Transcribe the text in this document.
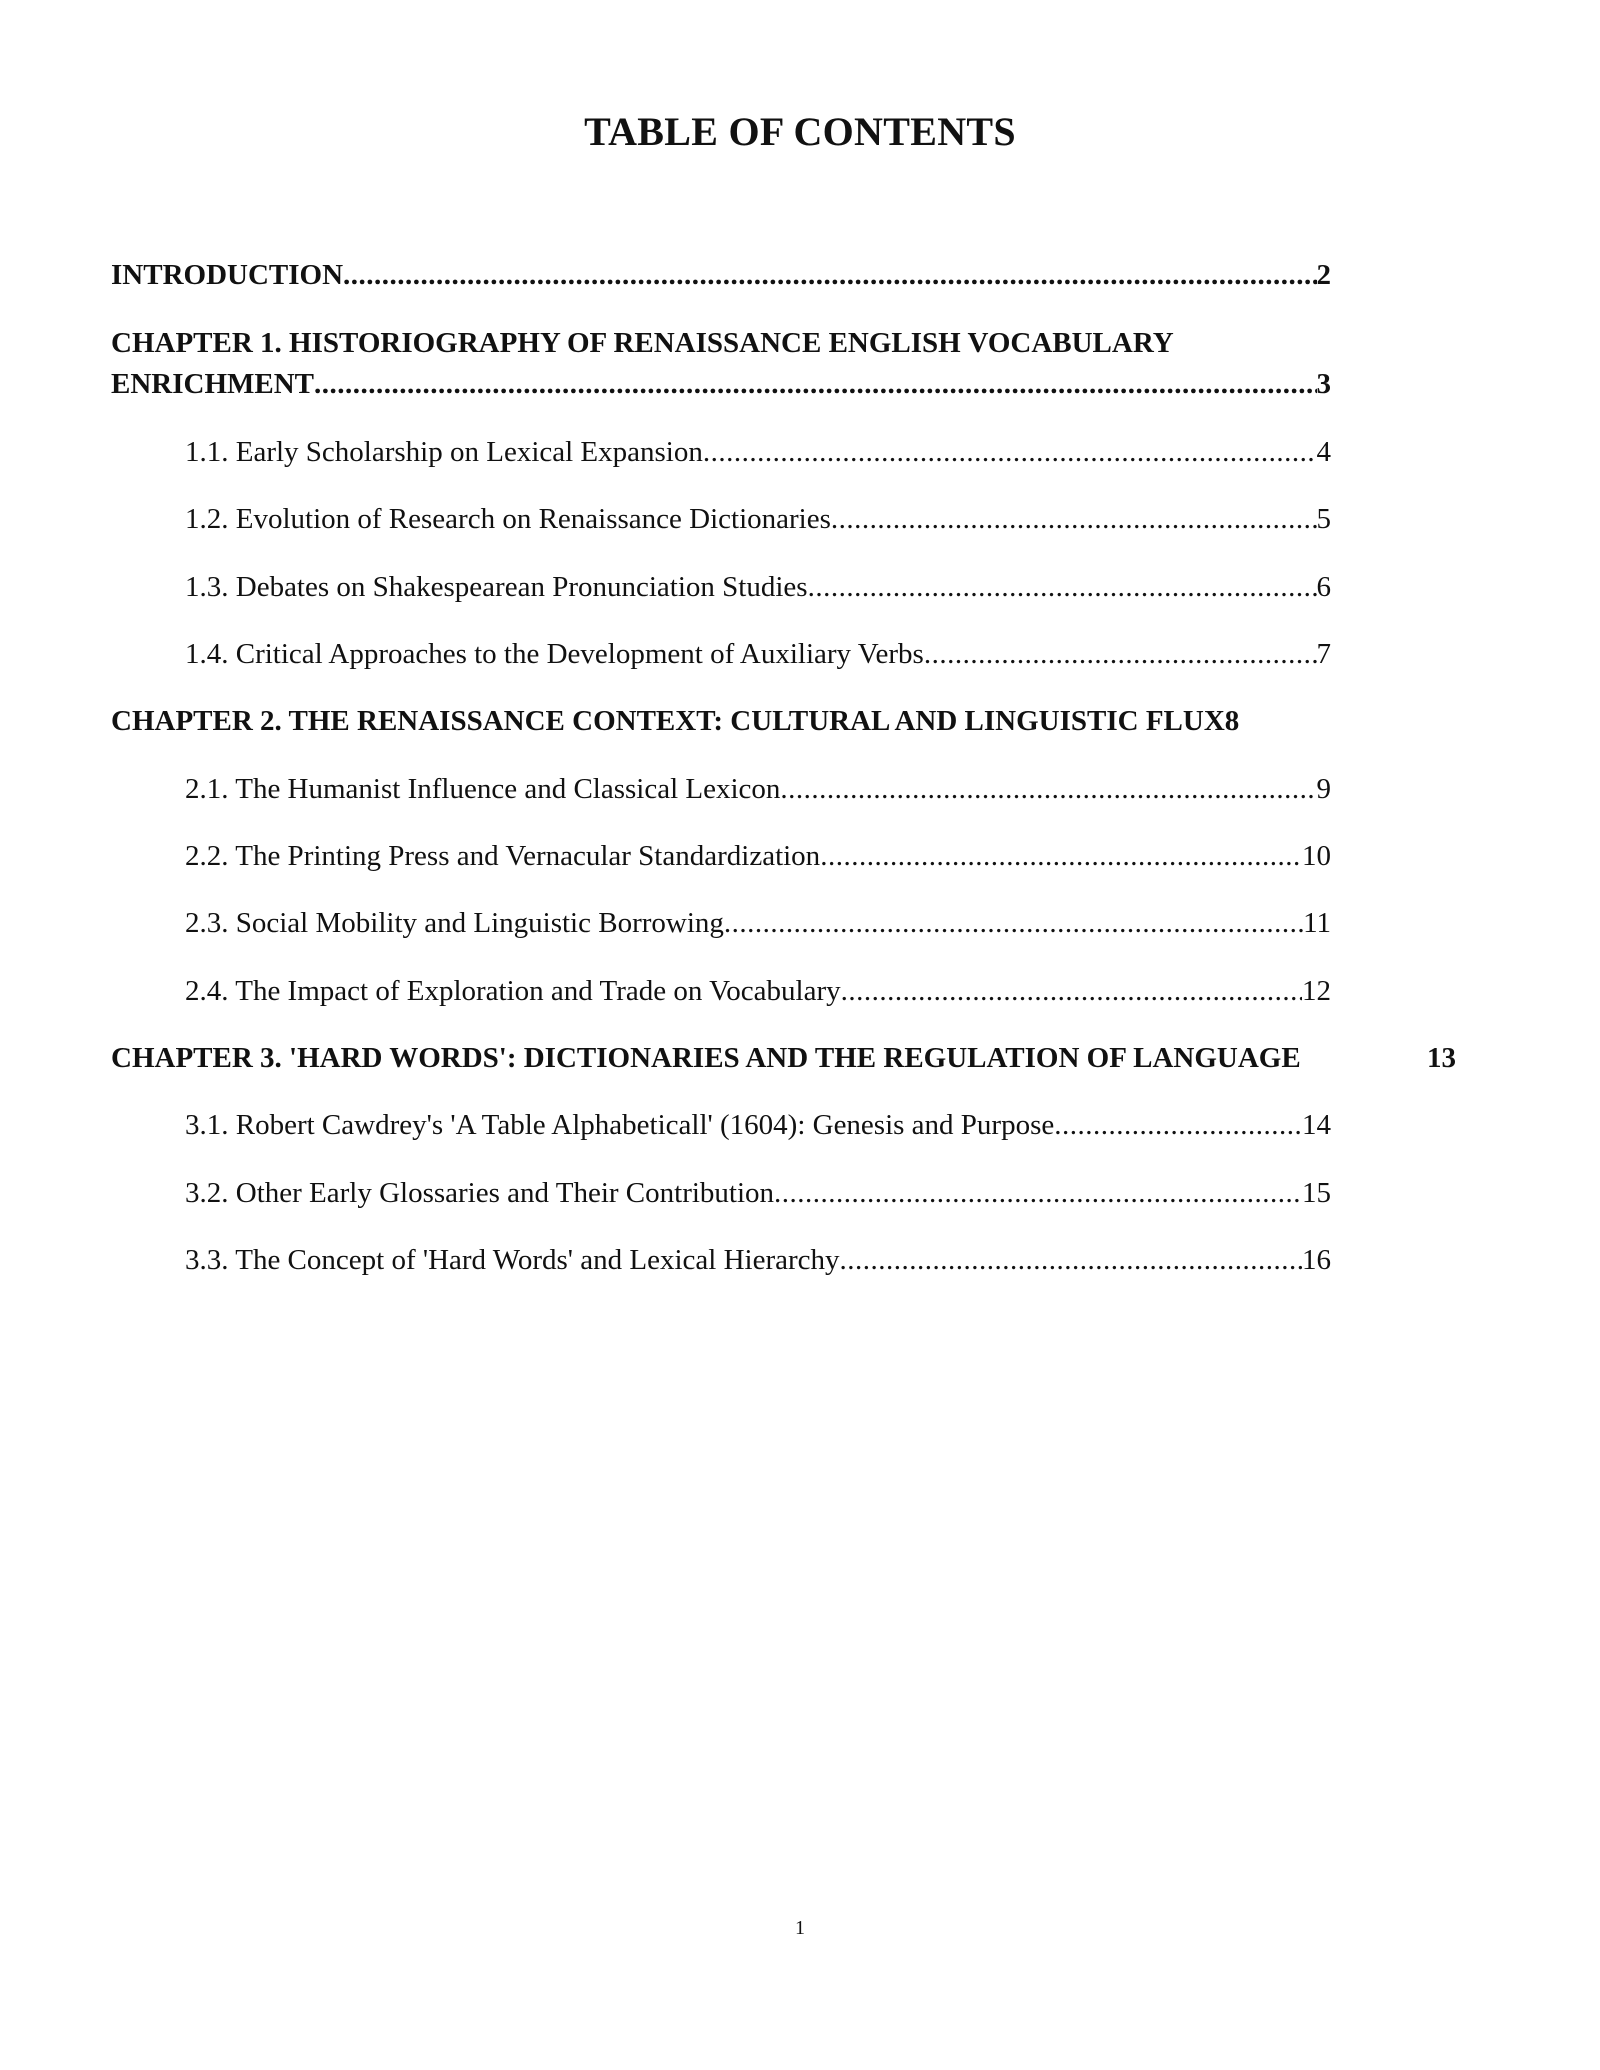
TABLE OF CONTENTS
INTRODUCTION .....	2
CHAPTER 1. HISTORIOGRAPHY OF RENAISSANCE ENGLISH VOCABULARY
ENRICHMENT .....	3
1.1. Early Scholarship on Lexical Expansion .....	4
1.2. Evolution of Research on Renaissance Dictionaries .....	5
1.3. Debates on Shakespearean Pronunciation Studies .....	6
1.4. Critical Approaches to the Development of Auxiliary Verbs .....	7
CHAPTER 2. THE RENAISSANCE CONTEXT: CULTURAL AND LINGUISTIC FLUX 8
2.1. The Humanist Influence and Classical Lexicon .....	9
2.2. The Printing Press and Vernacular Standardization .....	10
2.3. Social Mobility and Linguistic Borrowing .....	11
2.4. The Impact of Exploration and Trade on Vocabulary .....	12
CHAPTER 3. 'HARD WORDS': DICTIONARIES AND THE REGULATION OF LANGUAGE	13
3.1. Robert Cawdrey's 'A Table Alphabeticall' (1604): Genesis and Purpose .....	14
3.2. Other Early Glossaries and Their Contribution .....	15
3.3. The Concept of 'Hard Words' and Lexical Hierarchy .....	16
1
